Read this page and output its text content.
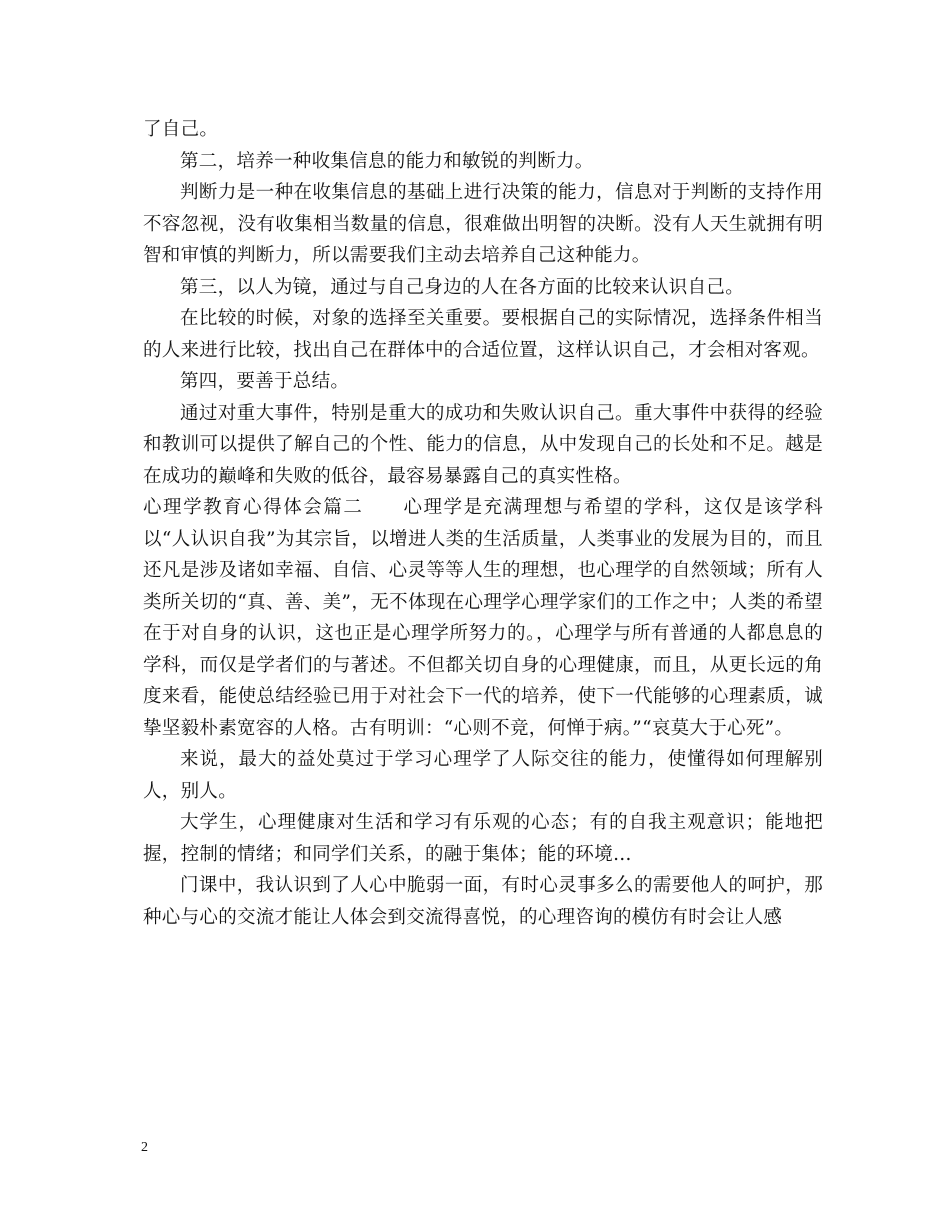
了自己。

第二，培养一种收集信息的能力和敏锐的判断力。

判断力是一种在收集信息的基础上进行决策的能力，信息对于判断的支持作用不容忽视，没有收集相当数量的信息，很难做出明智的决断。没有人天生就拥有明智和审慎的判断力，所以需要我们主动去培养自己这种能力。

第三，以人为镜，通过与自己身边的人在各方面的比较来认识自己。

在比较的时候，对象的选择至关重要。要根据自己的实际情况，选择条件相当的人来进行比较，找出自己在群体中的合适位置，这样认识自己，才会相对客观。

第四，要善于总结。

通过对重大事件，特别是重大的成功和失败认识自己。重大事件中获得的经验和教训可以提供了解自己的个性、能力的信息，从中发现自己的长处和不足。越是在成功的巅峰和失败的低谷，最容易暴露自己的真实性格。

心理学教育心得体会篇二　　心理学是充满理想与希望的学科，这仅是该学科以“人认识自我”为其宗旨，以增进人类的生活质量，人类事业的发展为目的，而且还凡是涉及诸如幸福、自信、心灵等等人生的理想，也心理学的自然领域；所有人类所关切的“真、善、美”，无不体现在心理学心理学家们的工作之中；人类的希望在于对自身的认识，这也正是心理学所努力的。，心理学与所有普通的人都息息的学科，而仅是学者们的与著述。不但都关切自身的心理健康，而且，从更长远的角度来看，能使总结经验已用于对社会下一代的培养，使下一代能够的心理素质，诚挚坚毅朴素宽容的人格。古有明训：“心则不竞，何惮于病。”“哀莫大于心死”。

来说，最大的益处莫过于学习心理学了人际交往的能力，使懂得如何理解别人，别人。

大学生，心理健康对生活和学习有乐观的心态；有的自我主观意识；能地把握，控制的情绪；和同学们关系，的融于集体；能的环境…

门课中，我认识到了人心中脆弱一面，有时心灵事多么的需要他人的呵护，那种心与心的交流才能让人体会到交流得喜悦，的心理咨询的模仿有时会让人感

2
